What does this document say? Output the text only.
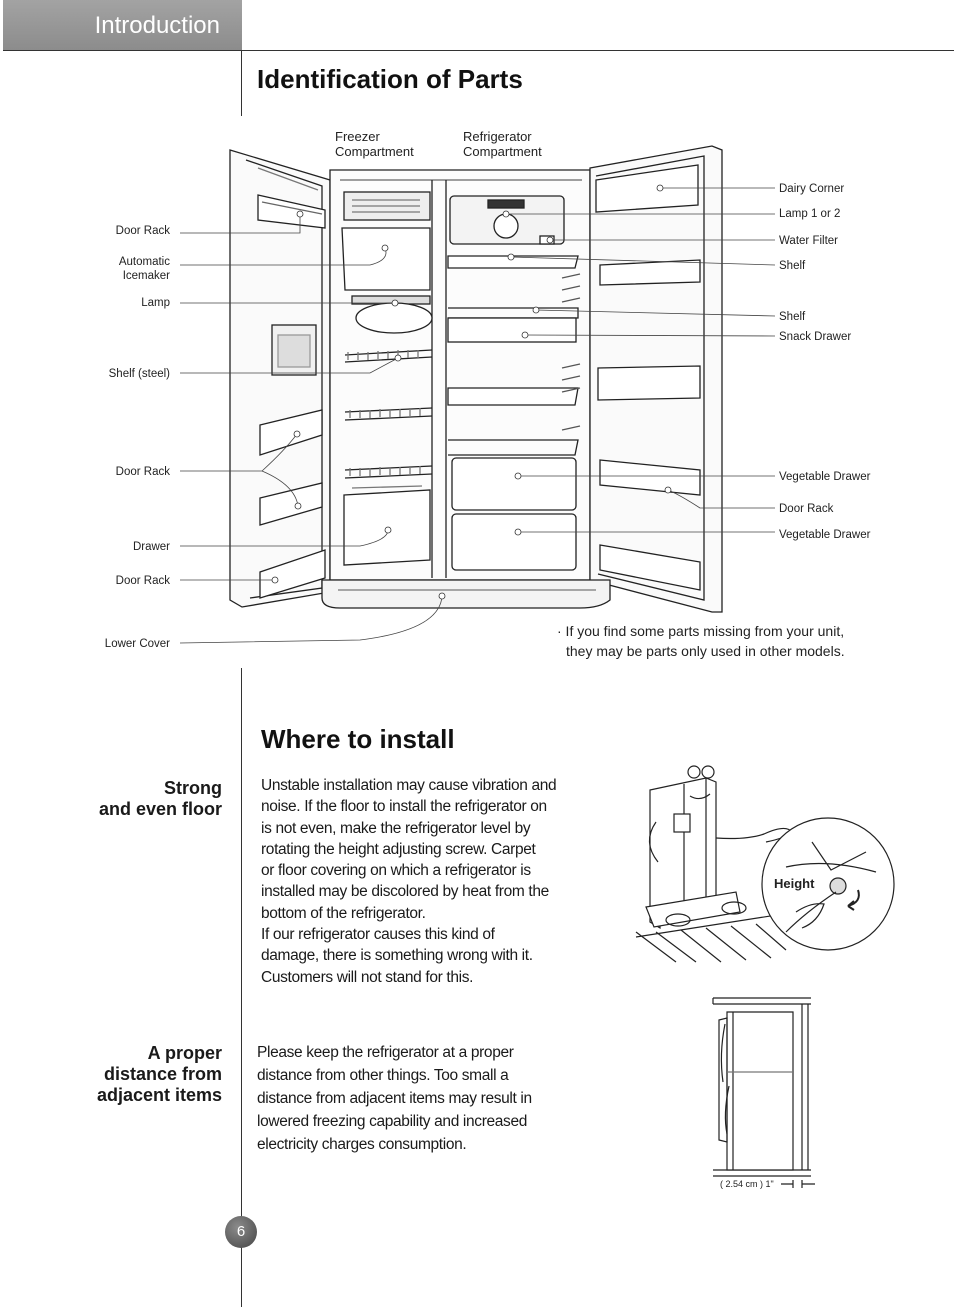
Introduction
Identification of Parts
Freezer
Compartment
Refrigerator
Compartment
Door Rack
Automatic
Icemaker
Lamp
Shelf (steel)
Door Rack
Drawer
Door Rack
Lower Cover
Dairy Corner
Lamp 1 or 2
Water Filter
Shelf
Shelf
Snack Drawer
Vegetable Drawer
Door Rack
Vegetable Drawer
· If you find some parts missing from your unit,
they may be parts only used in other models.
Where to install
Strong
and even floor
Unstable installation may cause vibration and
noise. If the floor to install the refrigerator on
is not even, make the refrigerator level by
rotating the height adjusting screw. Carpet
or floor covering on which a refrigerator is
installed may be discolored by heat from the
bottom of the refrigerator.
If our refrigerator causes this kind of
damage, there is something wrong with it.
Customers will not stand for this.
Height
A proper
distance from
adjacent items
Please keep the refrigerator at a proper
distance from other things. Too small a
distance from adjacent items may result in
lowered freezing capability and increased
electricity charges consumption.
( 2.54 cm ) 1"
6
